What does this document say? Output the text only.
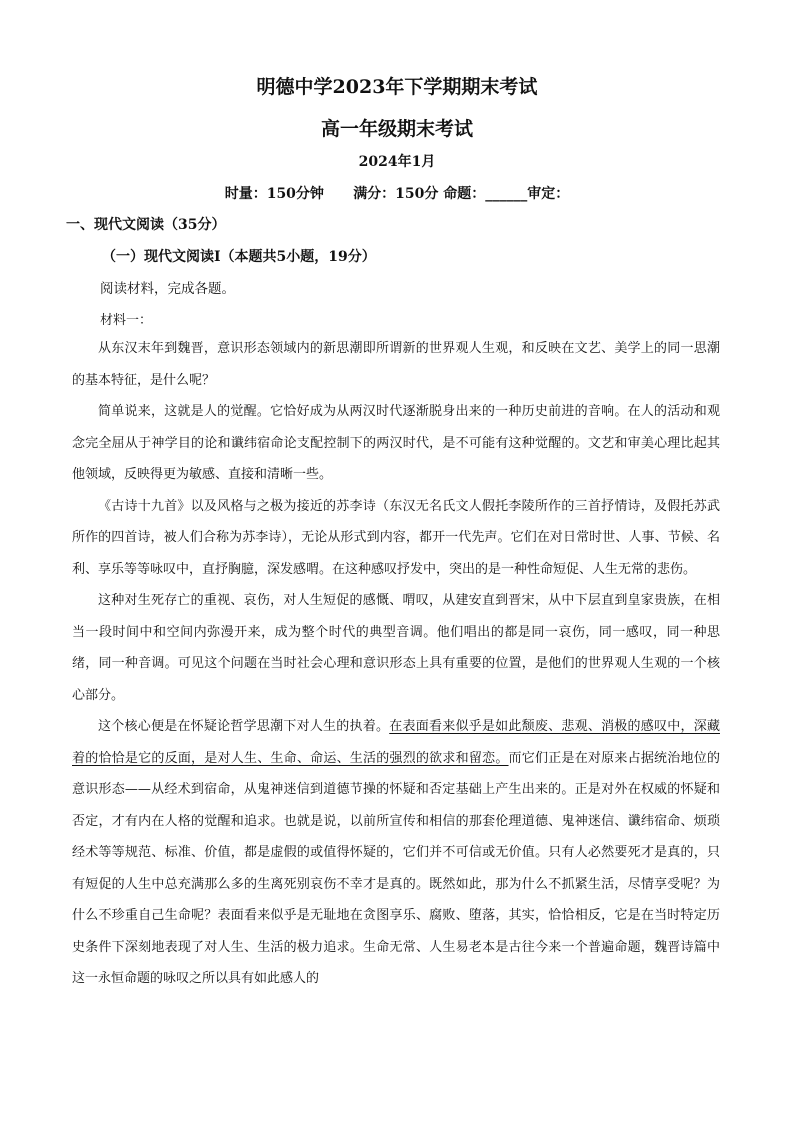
明德中学2023年下学期期末考试
高一年级期末考试
2024年1月
时量：150分钟 满分：150分 命题：______审定：
一、现代文阅读（35分）
（一）现代文阅读Ⅰ（本题共5小题，19分）
阅读材料，完成各题。
材料一：

从东汉末年到魏晋，意识形态领域内的新思潮即所谓新的世界观人生观，和反映在文艺、美学上的同一思潮的基本特征，是什么呢？

简单说来，这就是人的觉醒。它恰好成为从两汉时代逐渐脱身出来的一种历史前进的音响。在人的活动和观念完全屈从于神学目的论和谶纬宿命论支配控制下的两汉时代，是不可能有这种觉醒的。文艺和审美心理比起其他领域，反映得更为敏感、直接和清晰一些。

《古诗十九首》以及风格与之极为接近的苏李诗（东汉无名氏文人假托李陵所作的三首抒情诗，及假托苏武所作的四首诗，被人们合称为苏李诗），无论从形式到内容，都开一代先声。它们在对日常时世、人事、节候、名利、享乐等等咏叹中，直抒胸臆，深发感喟。在这种感叹抒发中，突出的是一种性命短促、人生无常的悲伤。

这种对生死存亡的重视、哀伤，对人生短促的感慨、喟叹，从建安直到晋宋，从中下层直到皇家贵族，在相当一段时间中和空间内弥漫开来，成为整个时代的典型音调。他们唱出的都是同一哀伤，同一感叹，同一种思绪，同一种音调。可见这个问题在当时社会心理和意识形态上具有重要的位置，是他们的世界观人生观的一个核心部分。

这个核心便是在怀疑论哲学思潮下对人生的执着。在表面看来似乎是如此颓废、悲观、消极的感叹中，深藏着的恰恰是它的反面，是对人生、生命、命运、生活的强烈的欲求和留恋。而它们正是在对原来占据统治地位的意识形态——从经术到宿命，从鬼神迷信到道德节操的怀疑和否定基础上产生出来的。正是对外在权威的怀疑和否定，才有内在人格的觉醒和追求。也就是说，以前所宣传和相信的那套伦理道德、鬼神迷信、谶纬宿命、烦琐经术等等规范、标准、价值，都是虚假的或值得怀疑的，它们并不可信或无价值。只有人必然要死才是真的，只有短促的人生中总充满那么多的生离死别哀伤不幸才是真的。既然如此，那为什么不抓紧生活，尽情享受呢？为什么不珍重自己生命呢？表面看来似乎是无耻地在贪图享乐、腐败、堕落，其实，恰恰相反，它是在当时特定历史条件下深刻地表现了对人生、生活的极力追求。生命无常、人生易老本是古往今来一个普遍命题，魏晋诗篇中这一永恒命题的咏叹之所以具有如此感人的
